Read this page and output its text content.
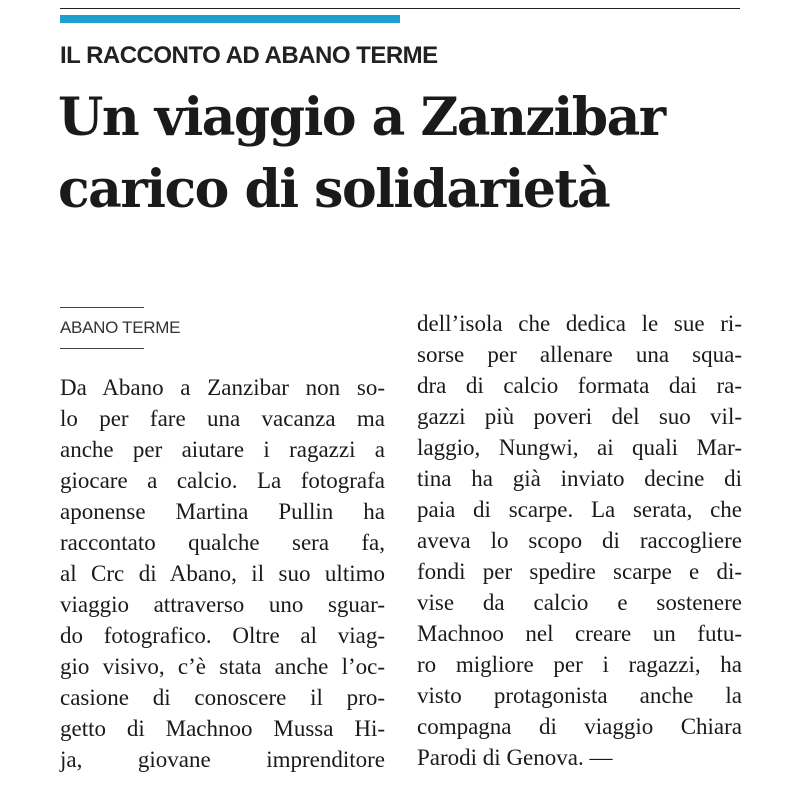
IL RACCONTO AD ABANO TERME
Un viaggio a Zanzibar
carico di solidarietà
ABANO TERME
Da Abano a Zanzibar non so-
lo per fare una vacanza ma
anche per aiutare i ragazzi a
giocare a calcio. La fotografa
aponense Martina Pullin ha
raccontato qualche sera fa,
al Crc di Abano, il suo ultimo
viaggio attraverso uno sguar-
do fotografico. Oltre al viag-
gio visivo, c’è stata anche l’oc-
casione di conoscere il pro-
getto di Machnoo Mussa Hi-
ja, giovane imprenditore
dell’isola che dedica le sue ri-
sorse per allenare una squa-
dra di calcio formata dai ra-
gazzi più poveri del suo vil-
laggio, Nungwi, ai quali Mar-
tina ha già inviato decine di
paia di scarpe. La serata, che
aveva lo scopo di raccogliere
fondi per spedire scarpe e di-
vise da calcio e sostenere
Machnoo nel creare un futu-
ro migliore per i ragazzi, ha
visto protagonista anche la
compagna di viaggio Chiara
Parodi di Genova. —
